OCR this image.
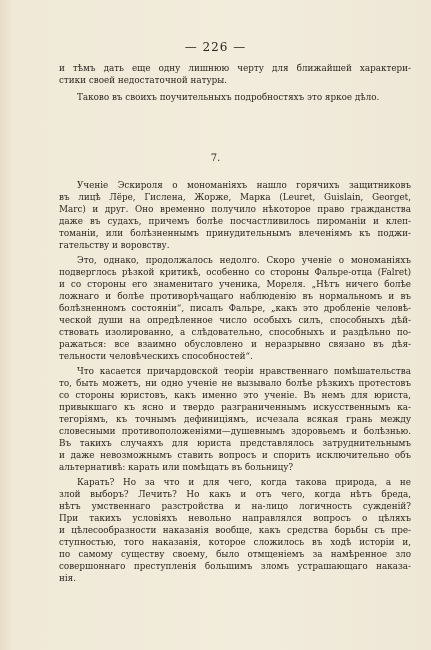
— 226 —
и тѣмъ дать еще одну лишнюю черту для ближайшей характери-
стики своей недостаточной натуры.
Таково въ своихъ поучительныхъ подробностяхъ это яркое дѣло.
7.
Ученіе Эскироля о мономаніяхъ нашло горячихъ защитниковъ
въ лицѣ Лёре, Гислена, Жорже, Марка (Leuret, Guislain, Georget,
Marc) и друг. Оно временно получило нѣкоторое право гражданства
даже въ судахъ, причемъ болѣе посчастливилось пироманіи и клеп-
томаніи, или болѣзненнымъ принудительнымъ влеченіямъ къ поджи-
гательству и воровству.
Это, однако, продолжалось недолго. Скоро ученіе о мономаніяхъ
подверглось рѣзкой критикѣ, особенно со стороны Фальре-отца (Falret)
и со стороны его знаменитаго ученика, Мореля. „Нѣтъ ничего болѣе
ложнаго и болѣе противорѣчащаго наблюденію въ нормальномъ и въ
болѣзненномъ состояніи“, писалъ Фальре, „какъ это дробленіе человѣ-
ческой души на опредѣленное число особыхъ силъ, способныхъ дѣй-
ствовать изолированно, а слѣдовательно, способныхъ и раздѣльно по-
ражаться: все взаимно обусловлено и неразрывно связано въ дѣя-
тельности человѣческихъ способностей“.
Что касается причардовской теоріи нравственнаго помѣшательства
то, быть можетъ, ни одно ученіе не вызывало болѣе рѣзкихъ протестовъ
со стороны юристовъ, какъ именно это ученіе. Въ немъ для юриста,
привыкшаго къ ясно и твердо разграниченнымъ искусственнымъ ка-
тегоріямъ, къ точнымъ дефиниціямъ, исчезала всякая грань между
словесными противоположеніями—душевнымъ здоровьемъ и болѣзнью.
Въ такихъ случаяхъ для юриста представлялось затруднительнымъ
и даже невозможнымъ ставить вопросъ и спорить исключительно объ
альтернативѣ: карать или помѣщать въ больницу?
Карать? Но за что и для чего, когда такова природа, а не
злой выборъ? Лечить? Но какъ и отъ чего, когда нѣтъ бреда,
нѣтъ умственнаго разстройства и на-лицо логичность сужденій?
При такихъ условіяхъ невольно направлялся вопросъ о цѣляхъ
и цѣлесообразности наказанія вообще, какъ средства борьбы съ пре-
ступностью, того наказанія, которое сложилось въ ходѣ исторіи и,
по самому существу своему, было отмщеніемъ за намѣренное зло
совершоннаго преступленія большимъ зломъ устрашающаго наказа-
нія.
